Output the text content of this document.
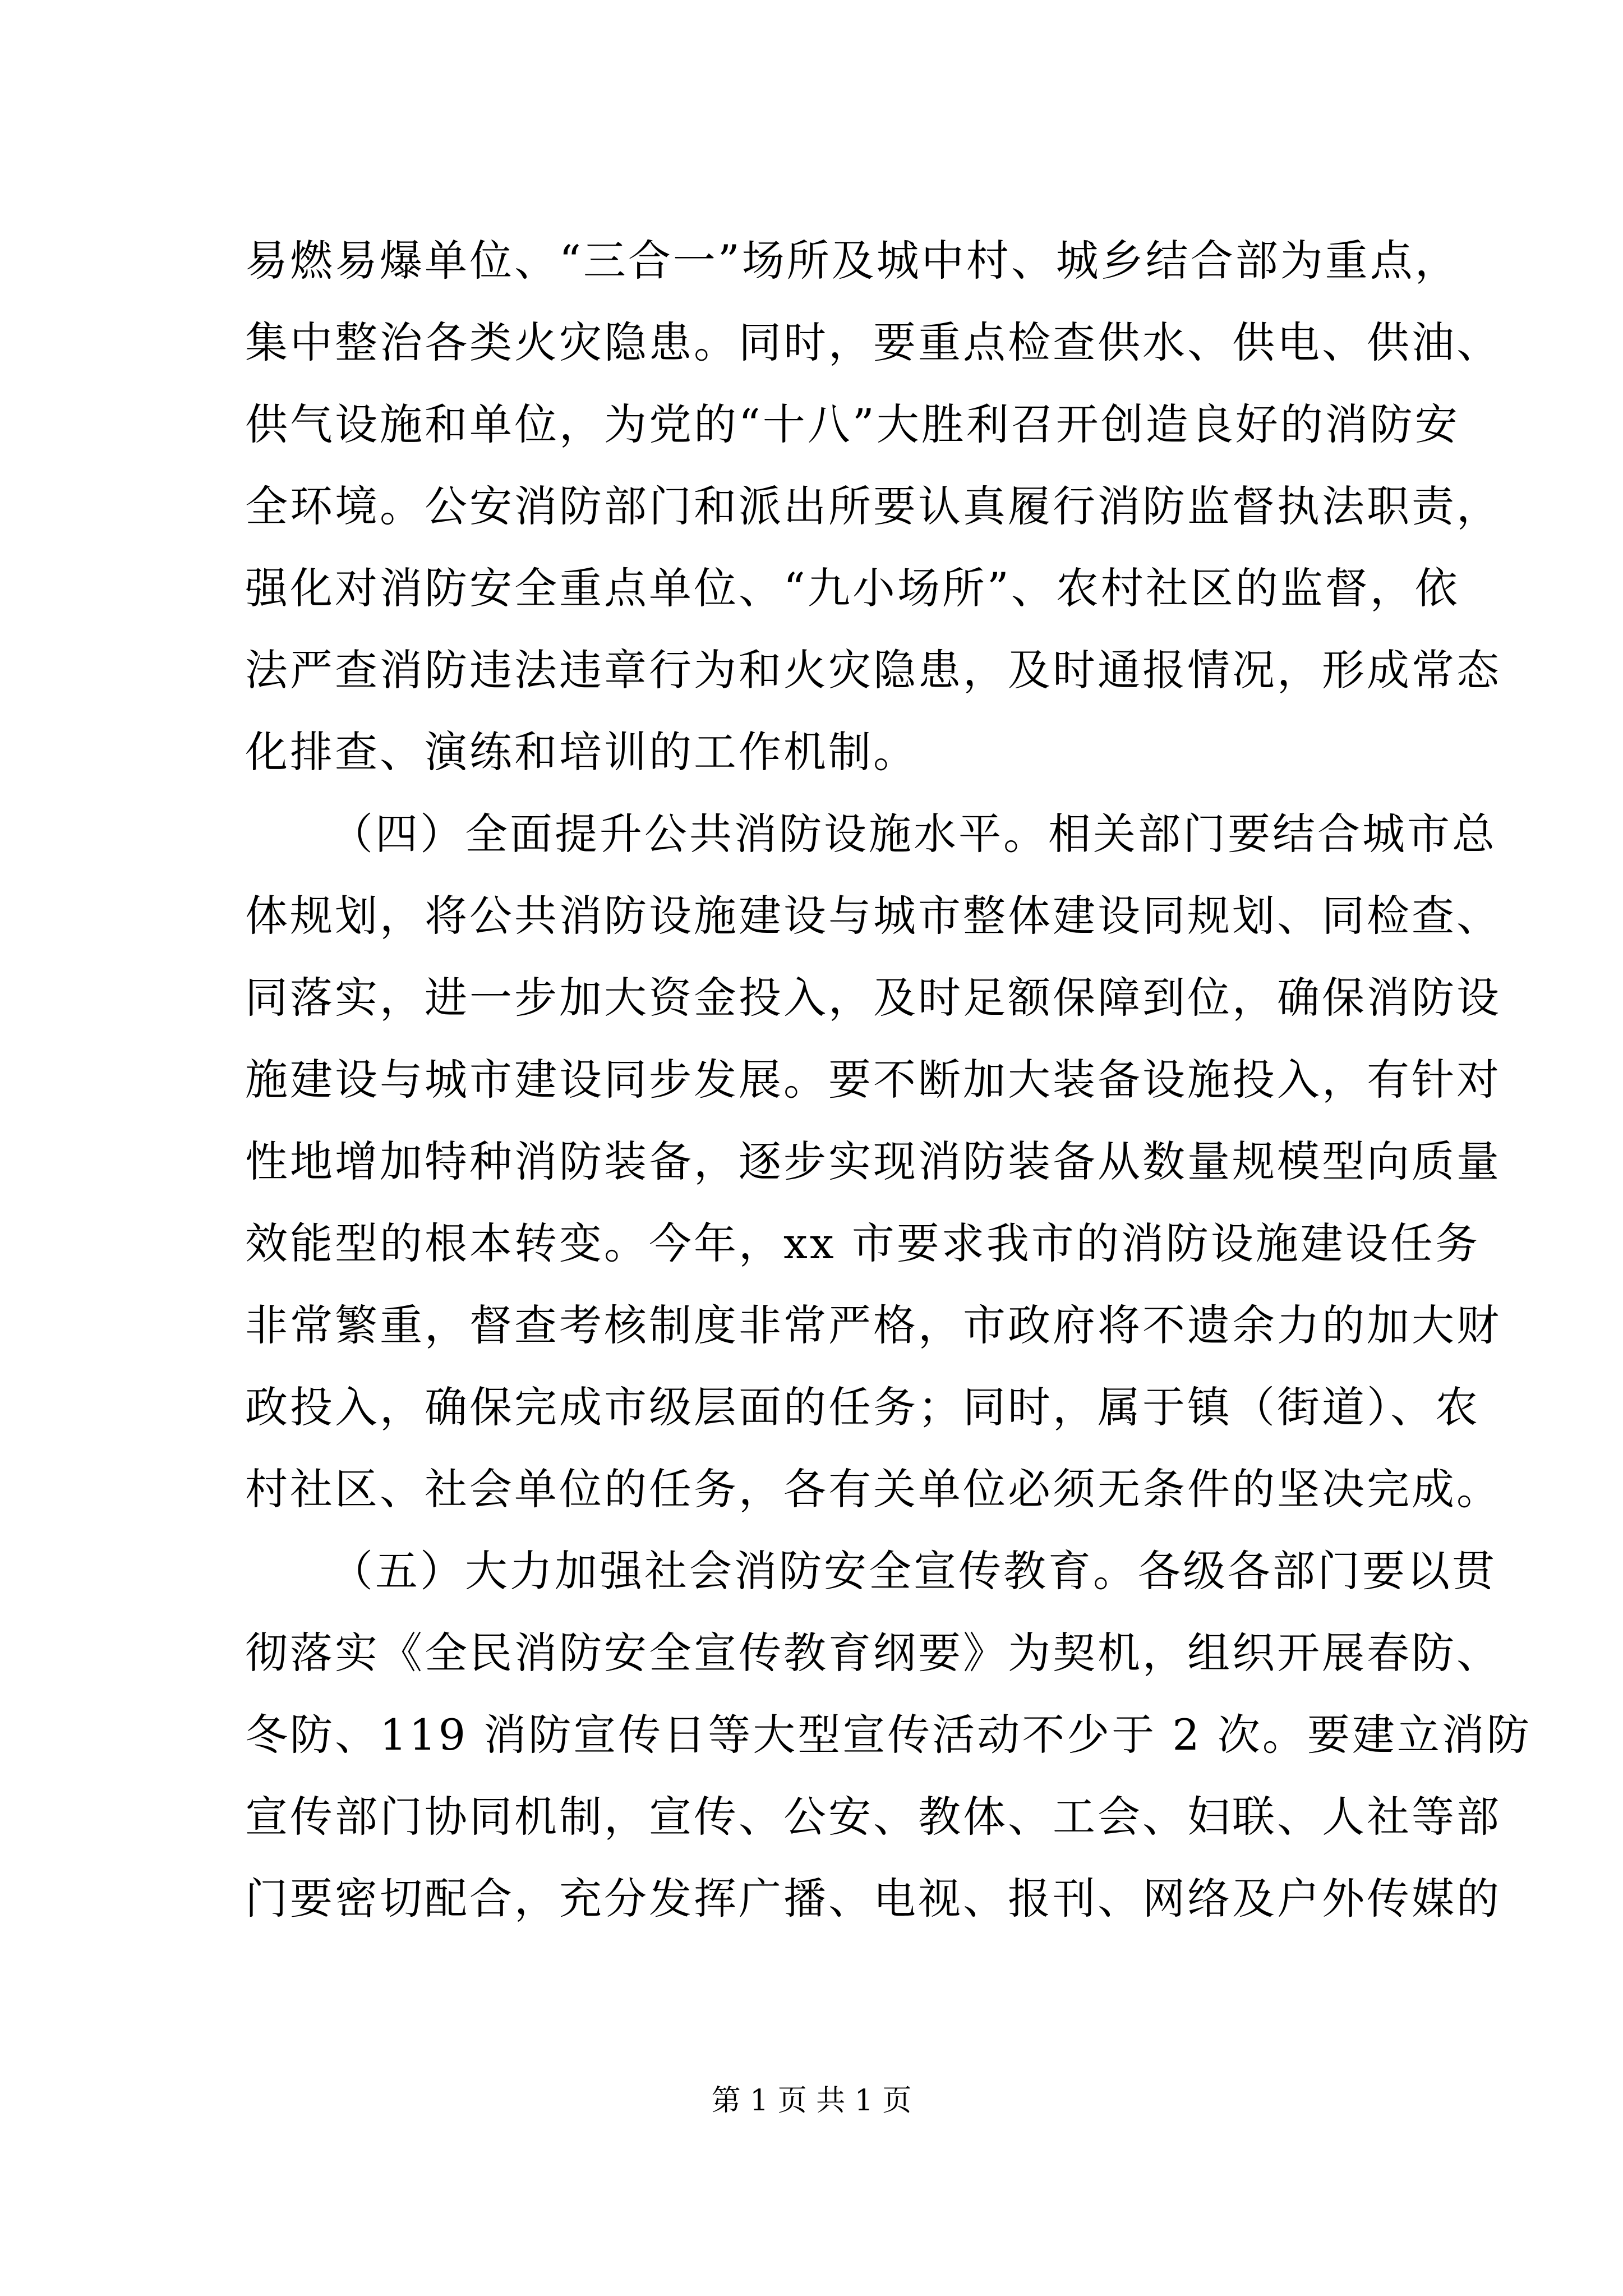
易燃易爆单位、“三合一”场所及城中村、城乡结合部为重点，
集中整治各类火灾隐患。同时，要重点检查供水、供电、供油、
供气设施和单位，为党的“十八”大胜利召开创造良好的消防安
全环境。公安消防部门和派出所要认真履行消防监督执法职责，
强化对消防安全重点单位、“九小场所”、农村社区的监督，依
法严查消防违法违章行为和火灾隐患，及时通报情况，形成常态
化排查、演练和培训的工作机制。
（四）全面提升公共消防设施水平。相关部门要结合城市总
体规划，将公共消防设施建设与城市整体建设同规划、同检查、
同落实，进一步加大资金投入，及时足额保障到位，确保消防设
施建设与城市建设同步发展。要不断加大装备设施投入，有针对
性地增加特种消防装备，逐步实现消防装备从数量规模型向质量
效能型的根本转变。今年，xx 市要求我市的消防设施建设任务
非常繁重，督查考核制度非常严格，市政府将不遗余力的加大财
政投入，确保完成市级层面的任务；同时，属于镇（街道）、农
村社区、社会单位的任务，各有关单位必须无条件的坚决完成。
（五）大力加强社会消防安全宣传教育。各级各部门要以贯
彻落实《全民消防安全宣传教育纲要》为契机，组织开展春防、
冬防、119 消防宣传日等大型宣传活动不少于 2 次。要建立消防
宣传部门协同机制，宣传、公安、教体、工会、妇联、人社等部
门要密切配合，充分发挥广播、电视、报刊、网络及户外传媒的
第 1 页 共 1 页
